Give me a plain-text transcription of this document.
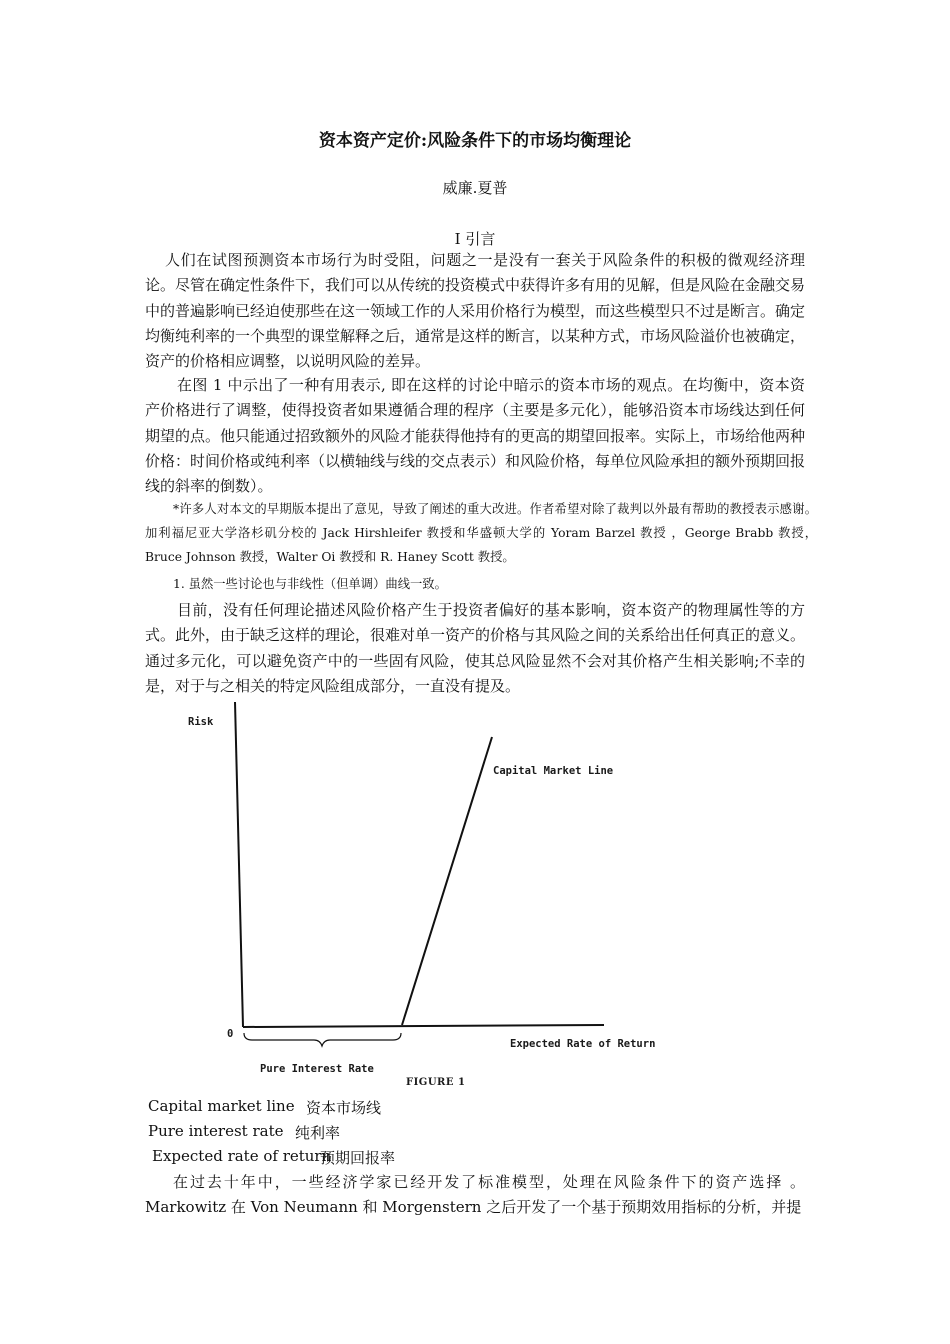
资本资产定价:风险条件下的市场均衡理论
威廉.夏普
Ⅰ 引言
人们在试图预测资本市场行为时受阻，问题之一是没有一套关于风险条件的积极的微观经济理论。尽管在确定性条件下，我们可以从传统的投资模式中获得许多有用的见解，但是风险在金融交易中的普遍影响已经迫使那些在这一领域工作的人采用价格行为模型，而这些模型只不过是断言。确定均衡纯利率的一个典型的课堂解释之后，通常是这样的断言，以某种方式，市场风险溢价也被确定，资产的价格相应调整，以说明风险的差异。
在图 1 中示出了一种有用表示, 即在这样的讨论中暗示的资本市场的观点。在均衡中，资本资产价格进行了调整，使得投资者如果遵循合理的程序（主要是多元化），能够沿资本市场线达到任何期望的点。他只能通过招致额外的风险才能获得他持有的更高的期望回报率。实际上，市场给他两种价格：时间价格或纯利率（以横轴线与线的交点表示）和风险价格，每单位风险承担的额外预期回报线的斜率的倒数）。
*许多人对本文的早期版本提出了意见，导致了阐述的重大改进。作者希望对除了裁判以外最有帮助的教授表示感谢。加利福尼亚大学洛杉矶分校的 Jack Hirshleifer 教授和华盛顿大学的 Yoram Barzel 教授 ，George Brabb 教授，Bruce Johnson 教授，Walter Oi 教授和 R. Haney Scott 教授。
1. 虽然一些讨论也与非线性（但单调）曲线一致。
目前，没有任何理论描述风险价格产生于投资者偏好的基本影响，资本资产的物理属性等的方式。此外，由于缺乏这样的理论，很难对单一资产的价格与其风险之间的关系给出任何真正的意义。通过多元化，可以避免资产中的一些固有风险，使其总风险显然不会对其价格产生相关影响;不幸的是，对于与之相关的特定风险组成部分，一直没有提及。
Risk
0
Capital Market Line
Pure Interest Rate
Expected Rate of Return
FIGURE 1
Capital market line 资本市场线
Pure interest rate 纯利率
Expected rate of return
预期回报率
在过去十年中，一些经济学家已经开发了标准模型，处理在风险条件下的资产选择 。Markowitz 在 Von Neumann 和 Morgenstern 之后开发了一个基于预期效用指标的分析，并提
